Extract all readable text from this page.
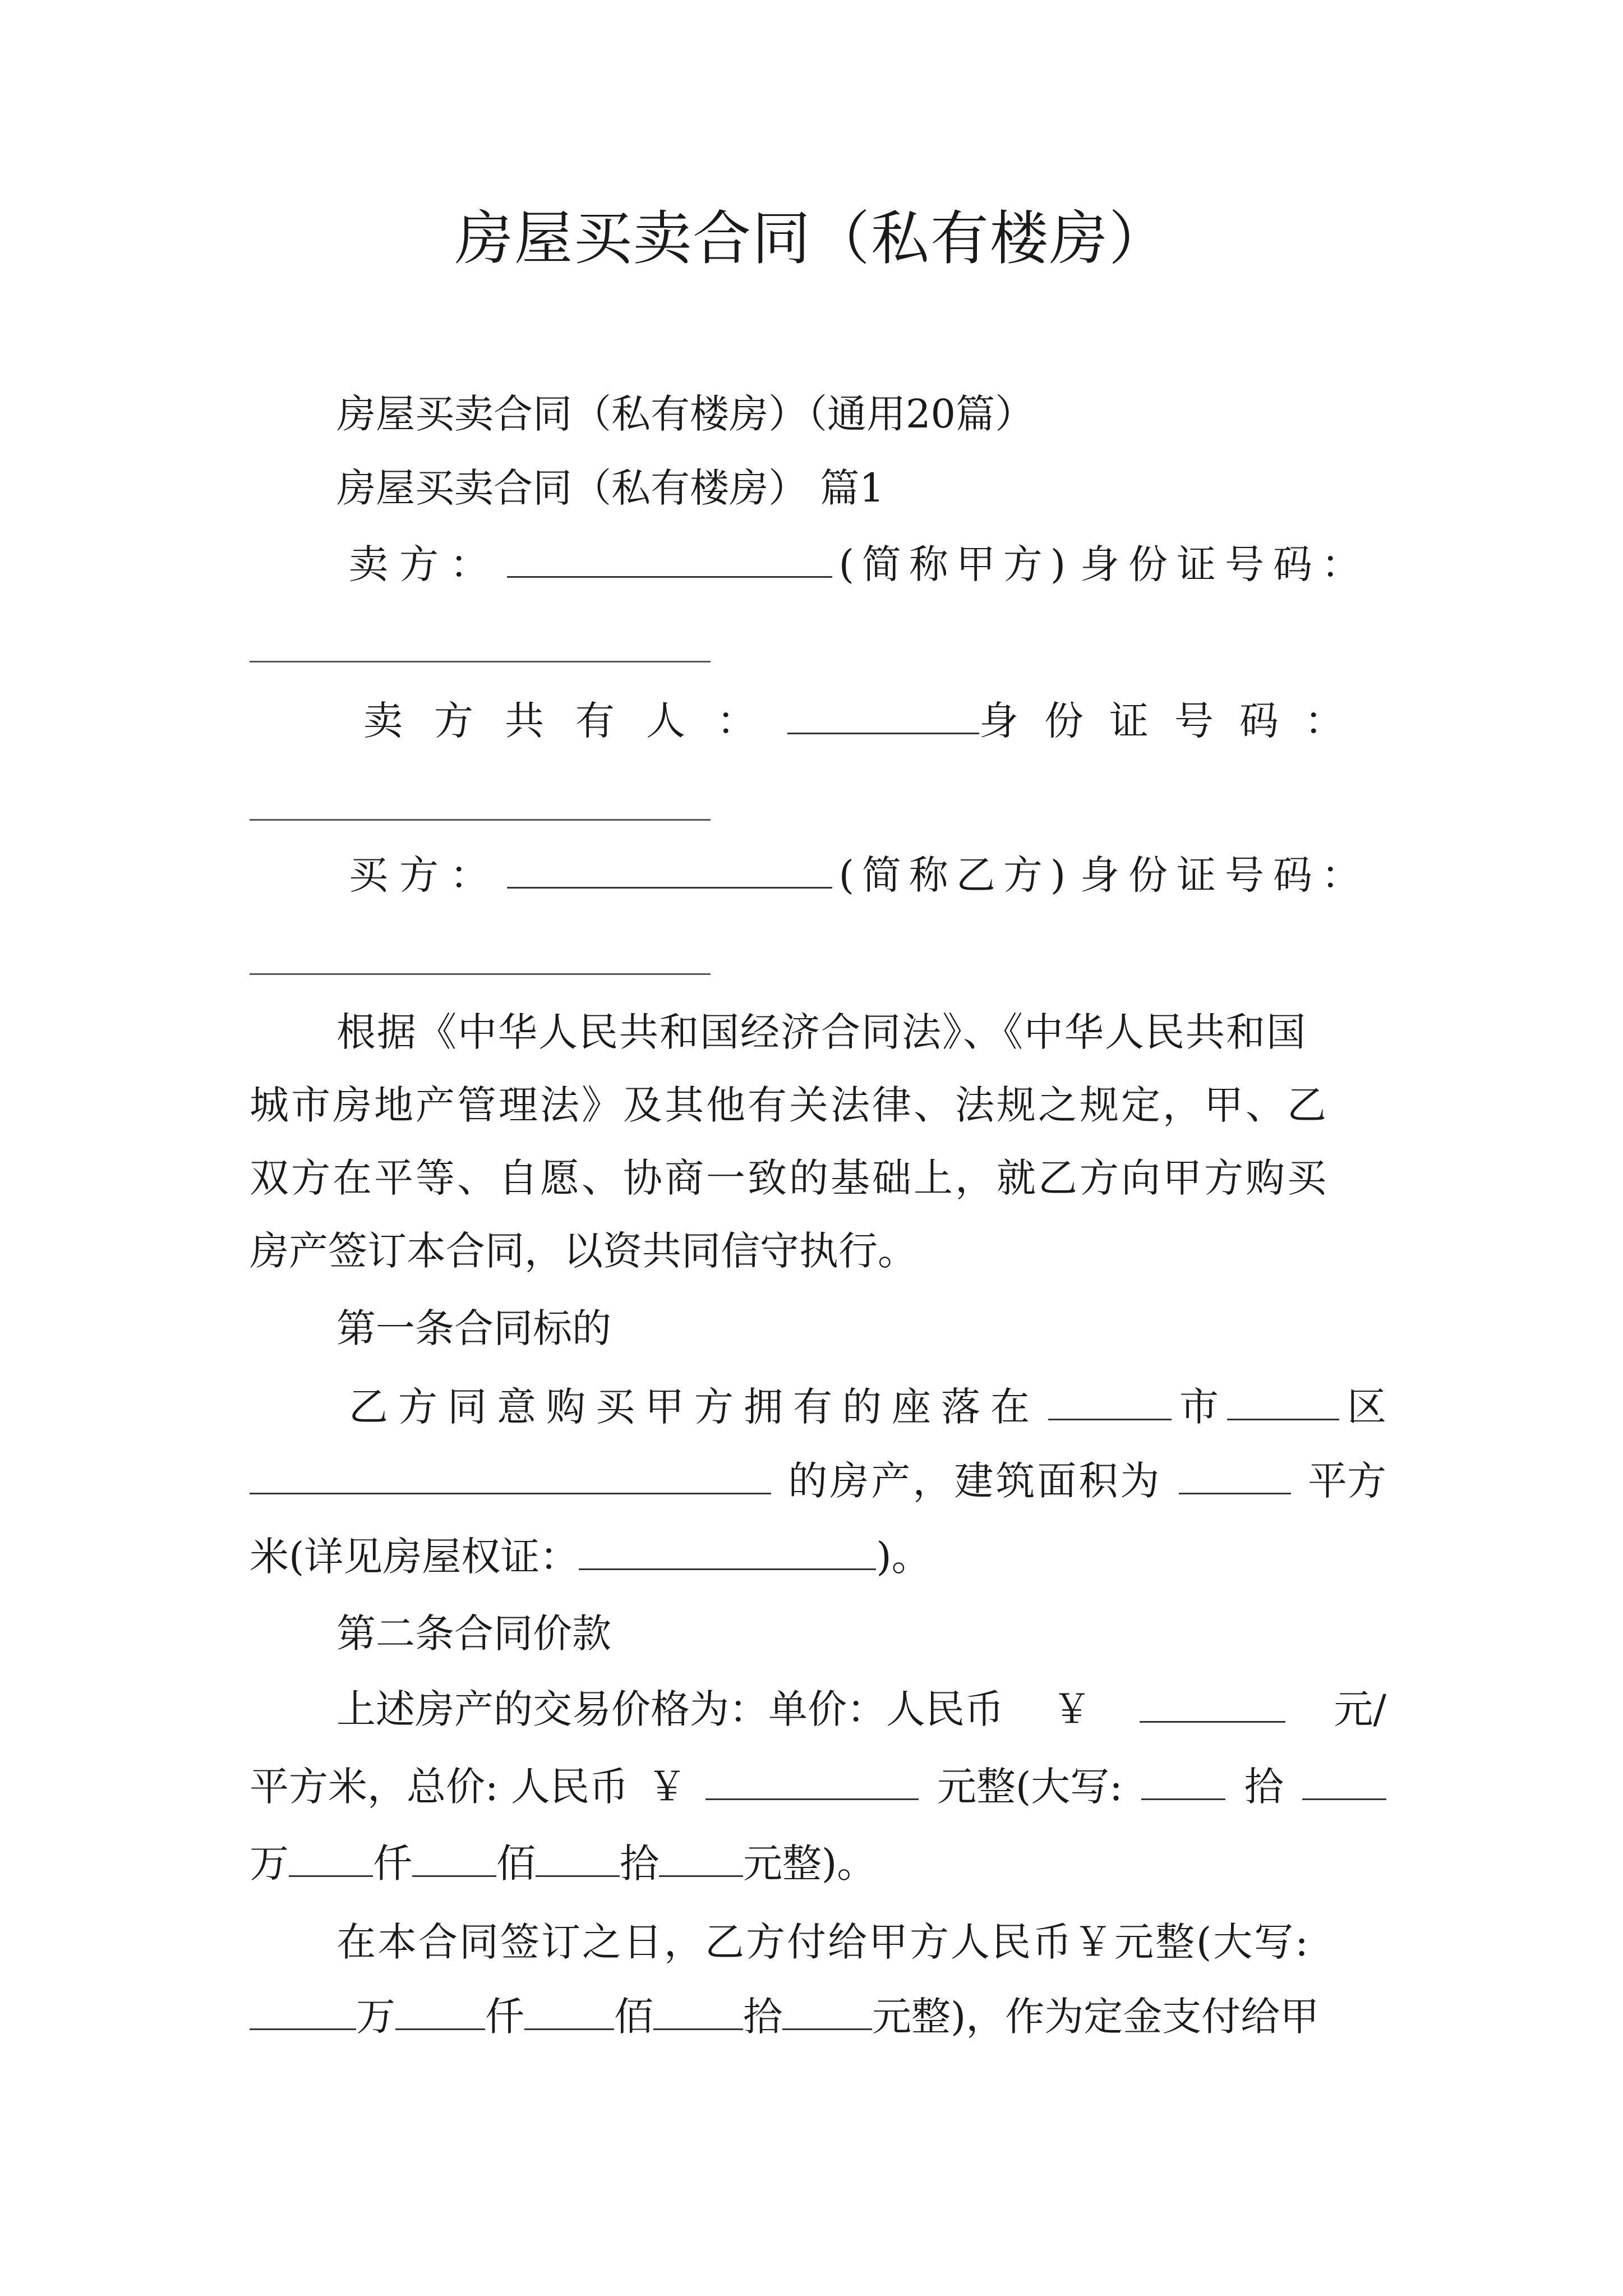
房屋买卖合同（私有楼房）
房屋买卖合同（私有楼房）（通用20篇）
房屋买卖合同（私有楼房） 篇1
卖方：	(简称甲方) 身份证号码：
卖方共有人：	身份证号码：
买方：	(简称乙方) 身份证号码：
根据《中华人民共和国经济合同法》、《中华人民共和国
城市房地产管理法》及其他有关法律、法规之规定，甲、乙
双方在平等、自愿、协商一致的基础上，就乙方向甲方购买
房产签订本合同，以资共同信守执行。
第一条合同标的
乙方同意购买甲方拥有的座落在	市	区
的房产，建筑面积为	平方
米(详见房屋权证：	)。
第二条合同价款
上述房产的交易价格为：单价：人民币 ￥	元/
平方米，总价: 人民币 ￥	元整(大写:	拾
万 仟 佰 拾 元整)。
在本合同签订之日，乙方付给甲方人民币￥元整(大写:
万 仟 佰 拾 元整)，作为定金支付给甲
